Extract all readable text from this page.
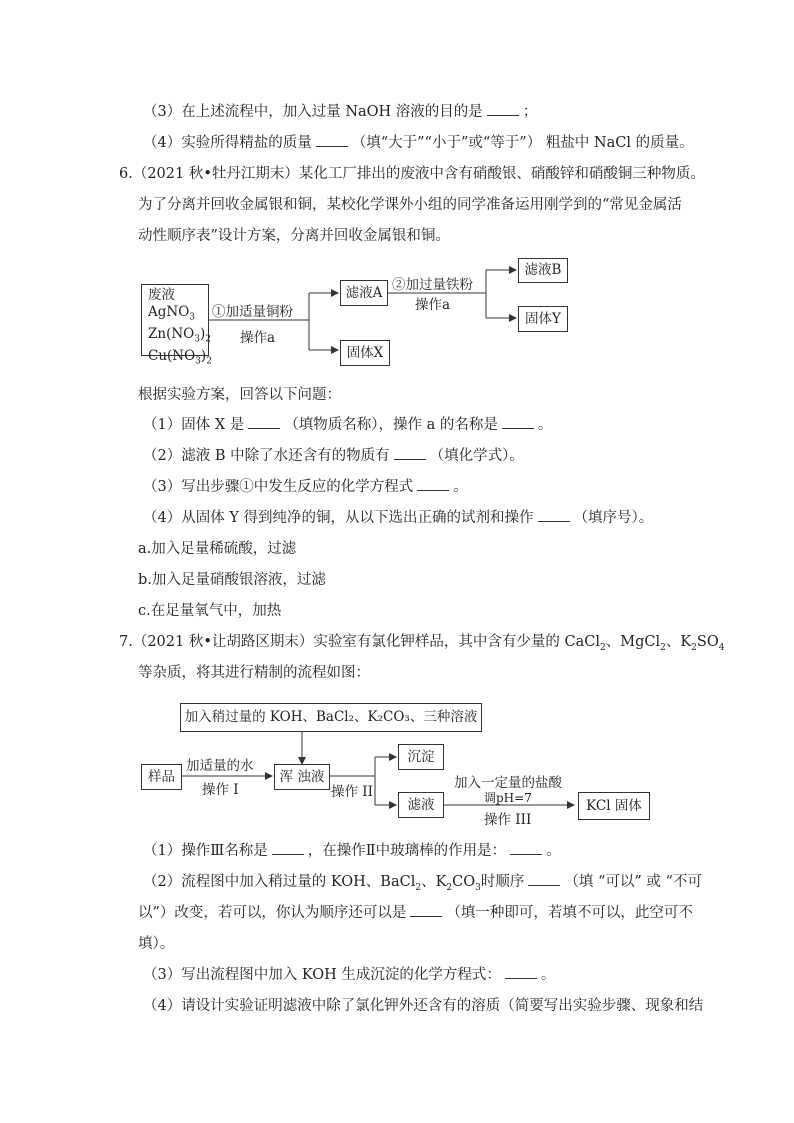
（3）在上述流程中，加入过量 NaOH 溶液的目的是	；
（4）实验所得精盐的质量	（填“大于”“小于”或“等于”） 粗盐中 NaCl 的质量。
6.（2021 秋•牡丹江期末）某化工厂排出的废液中含有硝酸银、硝酸锌和硝酸铜三种物质。
为了分离并回收金属银和铜，某校化学课外小组的同学准备运用刚学到的“常见金属活
动性顺序表”设计方案，分离并回收金属银和铜。
废液
AgNO$_3$
$Zn(NO_3)_2$
$Cu(NO_3)_2$
①加适量铜粉
操作a
滤液A
固体X
②加过量铁粉
操作a
滤液B
固体Y
根据实验方案，回答以下问题：
（1）固体 X 是	（填物质名称），操作 a 的名称是	。
（2）滤液 B 中除了水还含有的物质有	（填化学式）。
（3）写出步骤①中发生反应的化学方程式	。
（4）从固体 Y 得到纯净的铜，从以下选出正确的试剂和操作	（填序号）。
a.加入足量稀硫酸，过滤
b.加入足量硝酸银溶液，过滤
c.在足量氧气中，加热
7.（2021 秋•让胡路区期末）实验室有氯化钾样品，其中含有少量的 CaCl$_2$、MgCl$_2$、$K_2SO_4$
等杂质，将其进行精制的流程如图：
加入稍过量的 KOH、BaCl₂、K₂CO₃、三种溶液
样品
加适量的水
操作 I
浑 浊液
操作 II
沉淀
滤液
加入一定量的盐酸
调pH=7
操作 III
KCl 固体
（1）操作Ⅲ名称是	，在操作Ⅱ中玻璃棒的作用是：	。
（2）流程图中加入稍过量的 KOH、BaCl$_2$、$K_2CO_3$时顺序	（填 “可以” 或 “不可
以”）改变，若可以，你认为顺序还可以是	（填一种即可，若填不可以，此空可不
填）。
（3）写出流程图中加入 KOH 生成沉淀的化学方程式：	。
（4）请设计实验证明滤液中除了氯化钾外还含有的溶质（简要写出实验步骤、现象和结
